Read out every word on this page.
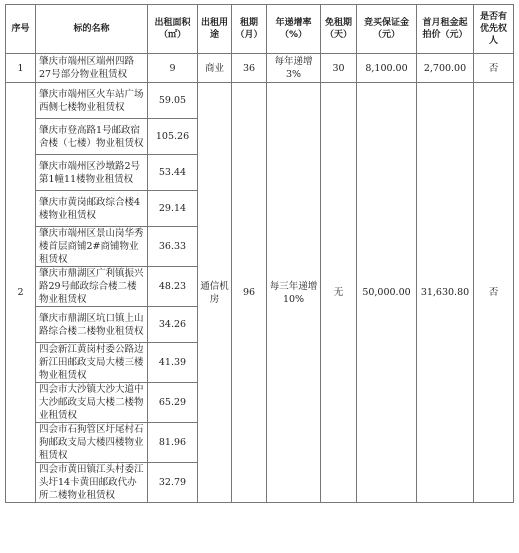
序号	标的名称	出租面积（㎡）	出租用途	租期（月）	年递增率（%）	免租期（天）	竞买保证金（元）	首月租金起拍价（元）	是否有优先权人
1	肇庆市端州区端州四路27号部分物业租赁权	9	商业	36	每年递增3%	30	8,100.00	2,700.00	否
2	肇庆市端州区火车站广场西侧七楼物业租赁权	59.05	通信机房	96	每三年递增10%	无	50,000.00	31,630.80	否
	肇庆市登高路1号邮政宿舍楼（七楼）物业租赁权	105.26							
	肇庆市端州区沙墩路2号第1幢11楼物业租赁权	53.44							
	肇庆市黄岗邮政综合楼4楼物业租赁权	29.14							
	肇庆市端州区景山岗华秀楼首层商铺2#商铺物业租赁权	36.33							
	肇庆市鼎湖区广利镇振兴路29号邮政综合楼二楼物业租赁权	48.23							
	肇庆市鼎湖区坑口镇上山路综合楼二楼物业租赁权	34.26							
	四会新江黄岗村委公路边新江田邮政支局大楼三楼物业租赁权	41.39							
	四会市大沙镇大沙大道中大沙邮政支局大楼二楼物业租赁权	65.29							
	四会市石狗管区圩尾村石狗邮政支局大楼四楼物业租赁权	81.96							
	四会市黄田镇江头村委江头圩14卡黄田邮政代办所二楼物业租赁权	32.79							
